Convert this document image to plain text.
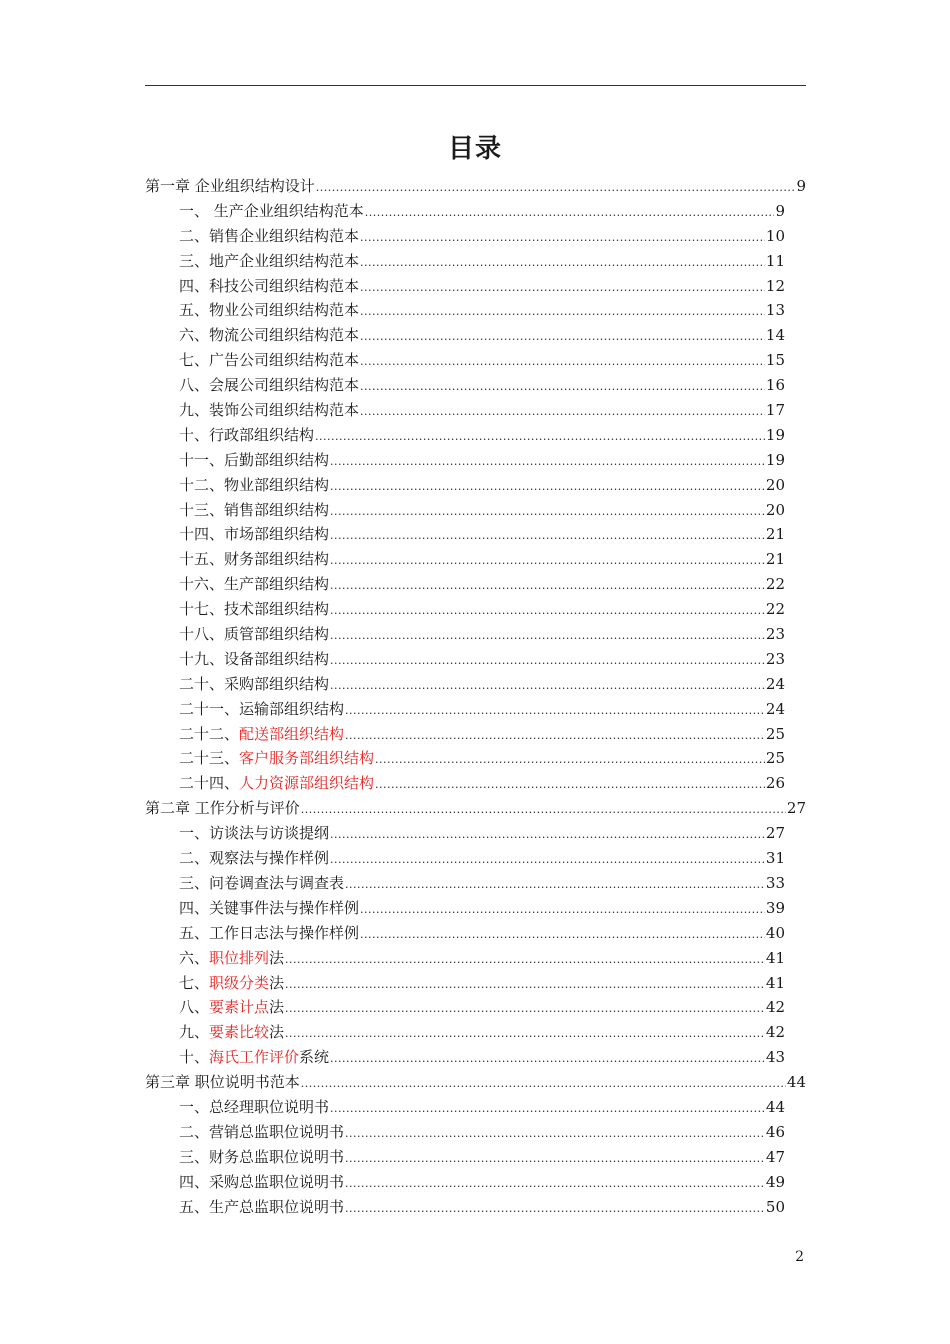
目录
第一章 企业组织结构设计 .....	9
一、 生产企业组织结构范本 .....	9
二、销售企业组织结构范本 .....	10
三、地产企业组织结构范本 .....	11
四、科技公司组织结构范本 .....	12
五、物业公司组织结构范本 .....	13
六、物流公司组织结构范本 .....	14
七、广告公司组织结构范本 .....	15
八、会展公司组织结构范本 .....	16
九、装饰公司组织结构范本 .....	17
十、行政部组织结构 .....	19
十一、后勤部组织结构 .....	19
十二、物业部组织结构 .....	20
十三、销售部组织结构 .....	20
十四、市场部组织结构 .....	21
十五、财务部组织结构 .....	21
十六、生产部组织结构 .....	22
十七、技术部组织结构 .....	22
十八、质管部组织结构 .....	23
十九、设备部组织结构 .....	23
二十、采购部组织结构 .....	24
二十一、运输部组织结构 .....	24
二十二、配送部组织结构 .....	25
二十三、客户服务部组织结构 .....	25
二十四、人力资源部组织结构 .....	26
第二章 工作分析与评价 .....	27
一、访谈法与访谈提纲 .....	27
二、观察法与操作样例 .....	31
三、问卷调查法与调查表 .....	33
四、关键事件法与操作样例 .....	39
五、工作日志法与操作样例 .....	40
六、职位排列法 .....	41
七、职级分类法 .....	41
八、要素计点法 .....	42
九、要素比较法 .....	42
十、海氏工作评价系统 .....	43
第三章 职位说明书范本 .....	44
一、总经理职位说明书 .....	44
二、营销总监职位说明书 .....	46
三、财务总监职位说明书 .....	47
四、采购总监职位说明书 .....	49
五、生产总监职位说明书 .....	50
2
